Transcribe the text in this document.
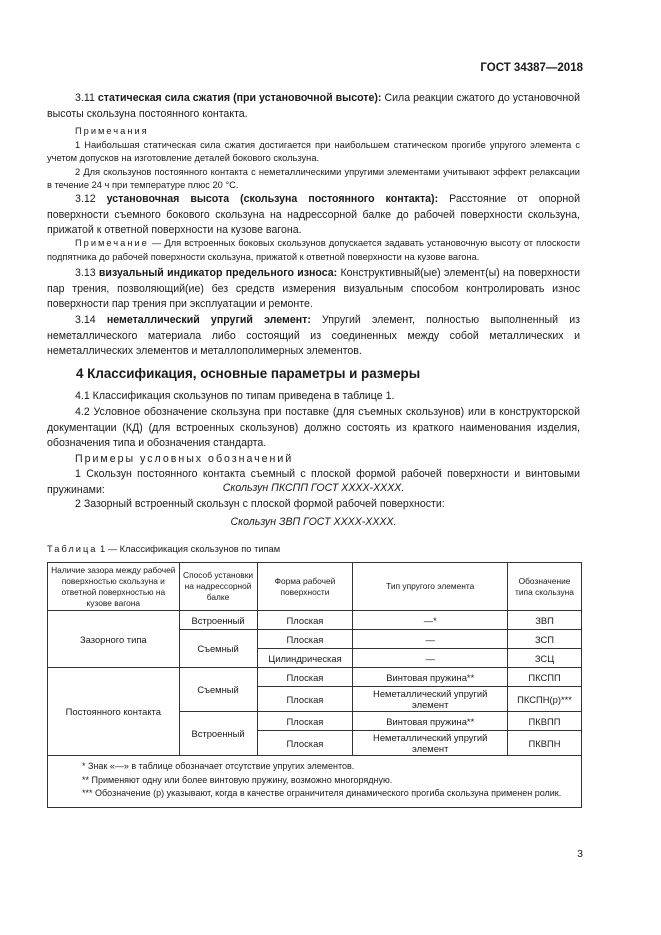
ГОСТ 34387—2018
3.11 статическая сила сжатия (при установочной высоте): Сила реакции сжатого до установочной высоты скользуна постоянного контакта.
Примечания
1 Наибольшая статическая сила сжатия достигается при наибольшем статическом прогибе упругого элемента с учетом допусков на изготовление деталей бокового скользуна.
2 Для скользунов постоянного контакта с неметаллическими упругими элементами учитывают эффект релаксации в течение 24 ч при температуре плюс 20 °С.
3.12 установочная высота (скользуна постоянного контакта): Расстояние от опорной поверхности съемного бокового скользуна на надрессорной балке до рабочей поверхности скользуна, прижатой к ответной поверхности на кузове вагона.
Примечание — Для встроенных боковых скользунов допускается задавать установочную высоту от плоскости подпятника до рабочей поверхности скользуна, прижатой к ответной поверхности на кузове вагона.
3.13 визуальный индикатор предельного износа: Конструктивный(ые) элемент(ы) на поверхности пар трения, позволяющий(ие) без средств измерения визуальным способом контролировать износ поверхности пар трения при эксплуатации и ремонте.
3.14 неметаллический упругий элемент: Упругий элемент, полностью выполненный из неметаллического материала либо состоящий из соединенных между собой металлических и неметаллических элементов и металлополимерных элементов.
4 Классификация, основные параметры и размеры
4.1 Классификация скользунов по типам приведена в таблице 1.
4.2 Условное обозначение скользуна при поставке (для съемных скользунов) или в конструкторской документации (КД) (для встроенных скользунов) должно состоять из краткого наименования изделия, обозначения типа и обозначения стандарта.
Примеры условных обозначений
1 Скользун постоянного контакта съемный с плоской формой рабочей поверхности и винтовыми пружинами:	Скользун ПКСПП ГОСТ ХХХХ-ХХХХ.
2 Зазорный встроенный скользун с плоской формой рабочей поверхности:
Скользун ЗВП ГОСТ ХХХХ-ХХХХ.
Таблица 1 — Классификация скользунов по типам
Наличие зазора между рабочей поверхностью скользуна и ответной поверхностью на кузове вагона	Способ установки на надрессорной балке	Форма рабочей поверхности	Тип упругого элемента	Обозначение типа скользуна
Зазорного типа	Встроенный	Плоская	—*	ЗВП
	Съемный	Плоская	—	ЗСП
		Цилиндрическая	—	ЗСЦ
Постоянного контакта	Съемный	Плоская	Винтовая пружина**	ПКСПП
		Плоская	Неметаллический упругий элемент	ПКСПН(р)***
	Встроенный	Плоская	Винтовая пружина**	ПКВПП
		Плоская	Неметаллический упругий элемент	ПКВПН

* Знак «—» в таблице обозначает отсутствие упругих элементов.
** Применяют одну или более винтовую пружину, возможно многорядную.
*** Обозначение (р) указывают, когда в качестве ограничителя динамического прогиба скользуна применен ролик.				
3
